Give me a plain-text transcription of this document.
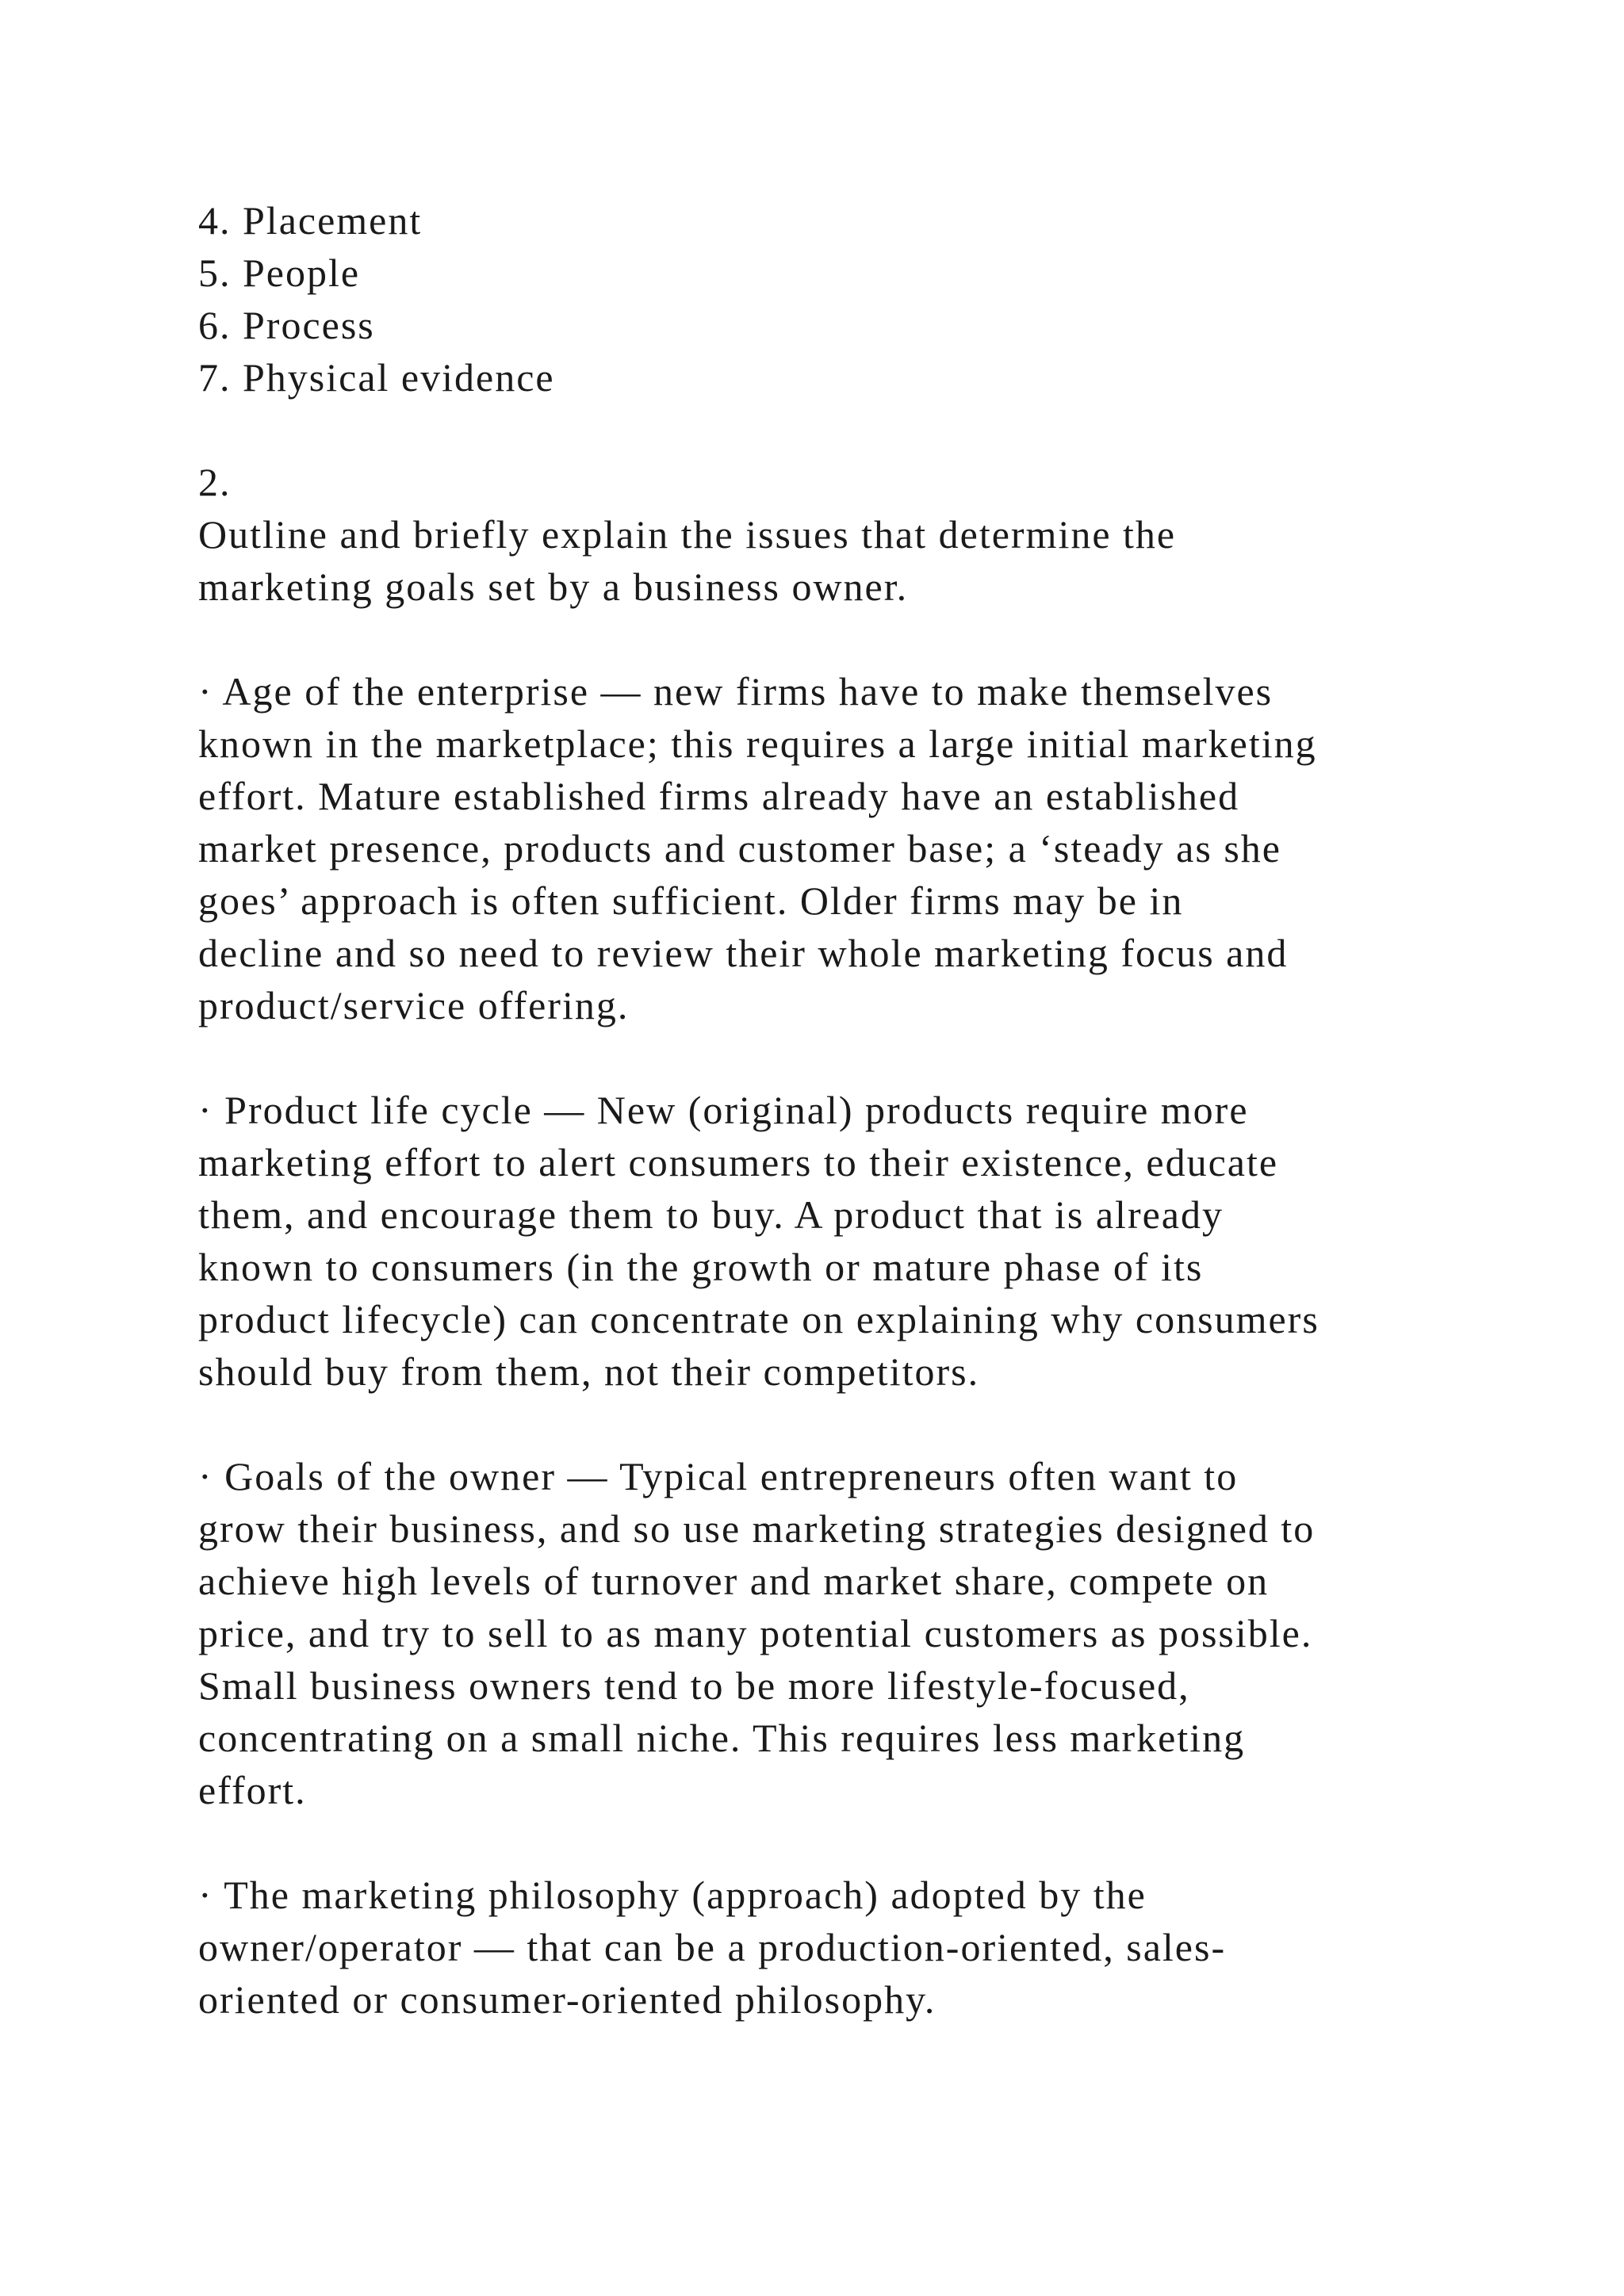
4. Placement
5. People
6. Process
7. Physical evidence
2.
Outline and briefly explain the issues that determine the
marketing goals set by a business owner.
· Age of the enterprise — new firms have to make themselves
known in the marketplace; this requires a large initial marketing
effort. Mature established firms already have an established
market presence, products and customer base; a ‘steady as she
goes’ approach is often sufficient. Older firms may be in
decline and so need to review their whole marketing focus and
product/service offering.
· Product life cycle — New (original) products require more
marketing effort to alert consumers to their existence, educate
them, and encourage them to buy. A product that is already
known to consumers (in the growth or mature phase of its
product lifecycle) can concentrate on explaining why consumers
should buy from them, not their competitors.
· Goals of the owner — Typical entrepreneurs often want to
grow their business, and so use marketing strategies designed to
achieve high levels of turnover and market share, compete on
price, and try to sell to as many potential customers as possible.
Small business owners tend to be more lifestyle-focused,
concentrating on a small niche. This requires less marketing
effort.
· The marketing philosophy (approach) adopted by the
owner/operator — that can be a production-oriented, sales-
oriented or consumer-oriented philosophy.
